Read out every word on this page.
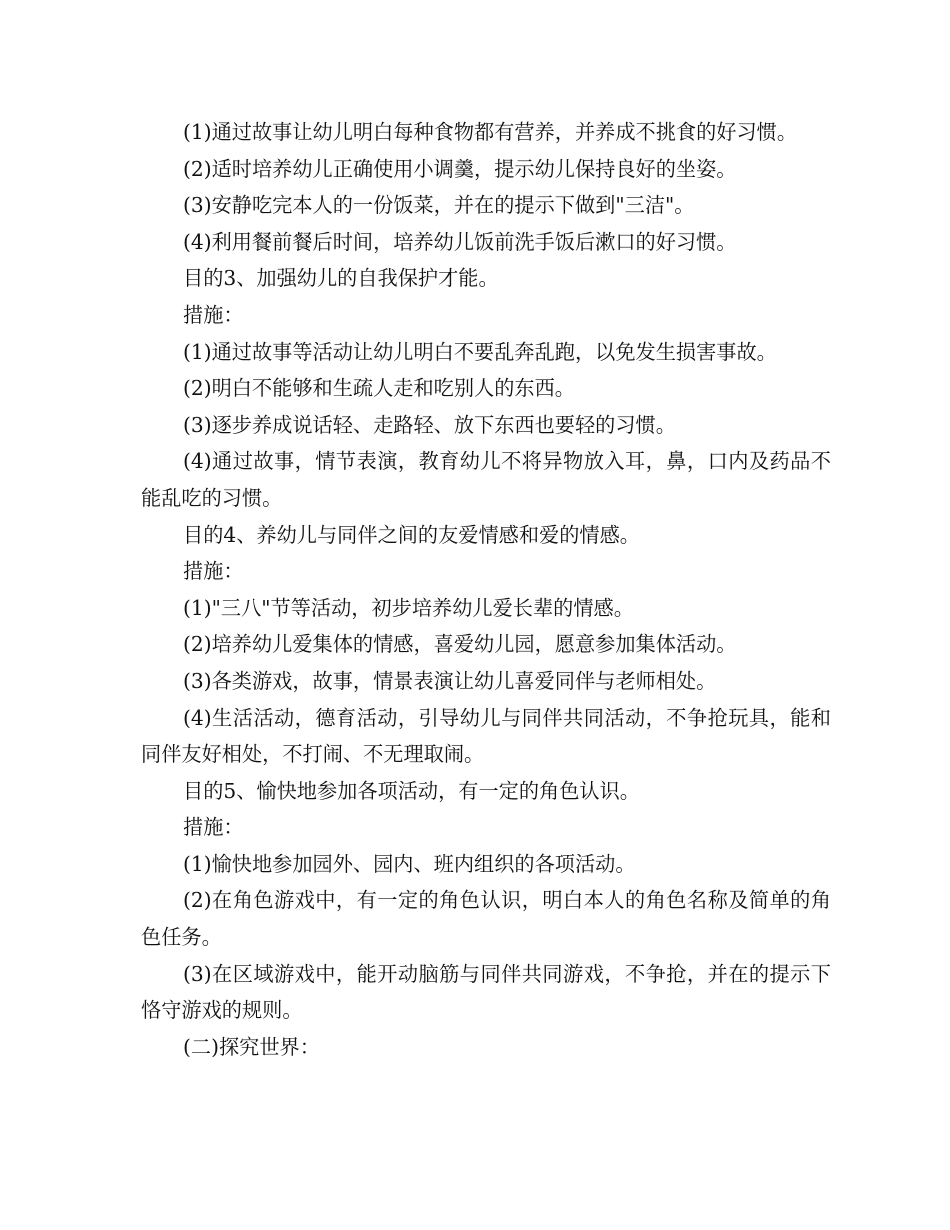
(1)通过故事让幼儿明白每种食物都有营养，并养成不挑食的好习惯。

(2)适时培养幼儿正确使用小调羹，提示幼儿保持良好的坐姿。

(3)安静吃完本人的一份饭菜，并在的提示下做到"三洁"。

(4)利用餐前餐后时间，培养幼儿饭前洗手饭后漱口的好习惯。

目的3、加强幼儿的自我保护才能。

措施：

(1)通过故事等活动让幼儿明白不要乱奔乱跑，以免发生损害事故。

(2)明白不能够和生疏人走和吃别人的东西。

(3)逐步养成说话轻、走路轻、放下东西也要轻的习惯。

(4)通过故事，情节表演，教育幼儿不将异物放入耳，鼻，口内及药品不能乱吃的习惯。

目的4、养幼儿与同伴之间的友爱情感和爱的情感。

措施：

(1)"三八"节等活动，初步培养幼儿爱长辈的情感。

(2)培养幼儿爱集体的情感，喜爱幼儿园，愿意参加集体活动。

(3)各类游戏，故事，情景表演让幼儿喜爱同伴与老师相处。

(4)生活活动，德育活动，引导幼儿与同伴共同活动，不争抢玩具，能和同伴友好相处，不打闹、不无理取闹。

目的5、愉快地参加各项活动，有一定的角色认识。

措施：

(1)愉快地参加园外、园内、班内组织的各项活动。

(2)在角色游戏中，有一定的角色认识，明白本人的角色名称及简单的角色任务。

(3)在区域游戏中，能开动脑筋与同伴共同游戏，不争抢，并在的提示下恪守游戏的规则。

(二)探究世界：
